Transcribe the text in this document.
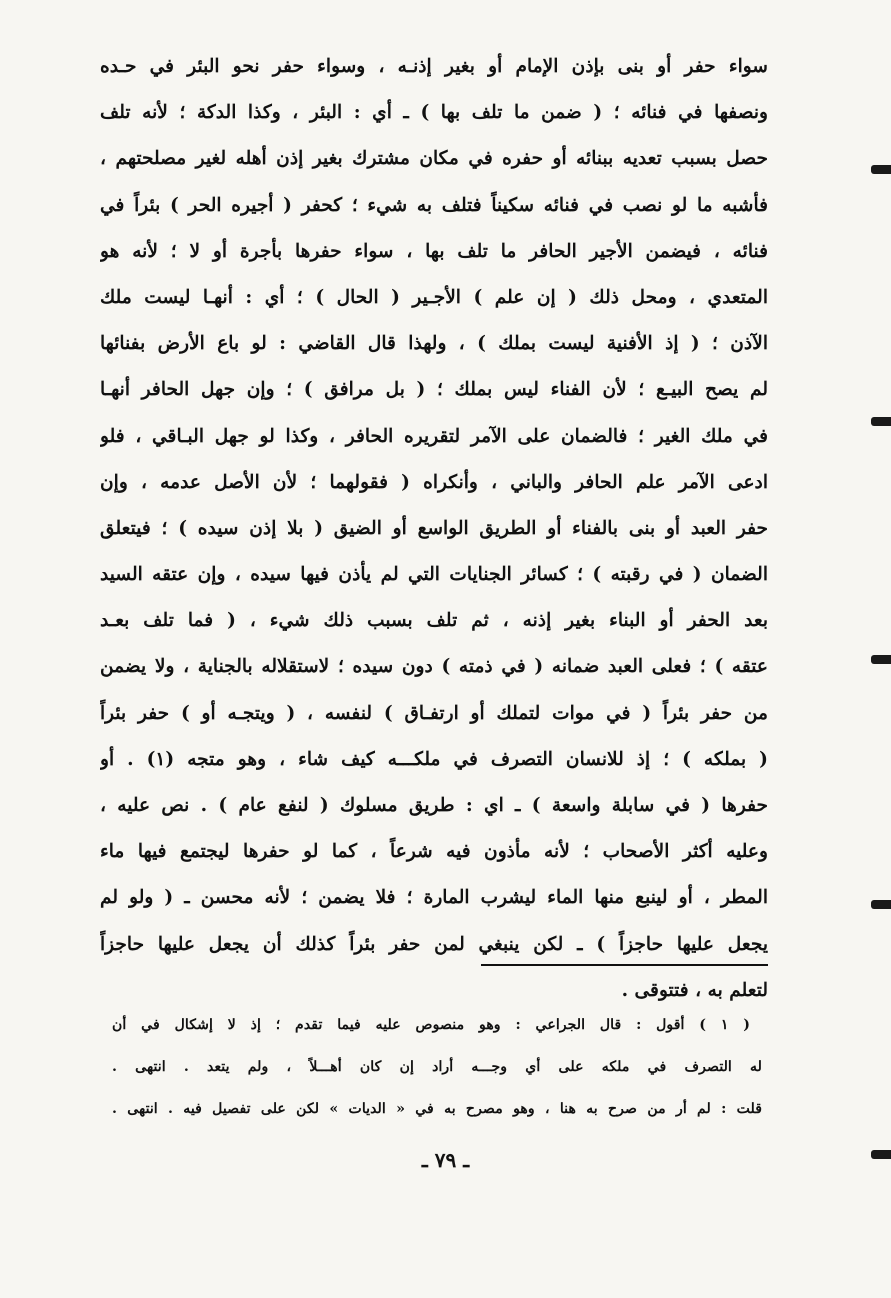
سواء حفر أو بنى بإذن الإمام أو بغير إذنـه ، وسواء حفر نحو البئر في حـده
ونصفها في فنائه ؛ ( ضمن ما تلف بها ) ـ أي : البئر ، وكذا الدكة ؛ لأنه تلف
حصل بسبب تعديه ببنائه أو حفره في مكان مشترك بغير إذن أهله لغير مصلحتهم ،
فأشبه ما لو نصب في فنائه سكيناً فتلف به شيء ؛ كحفر ( أجيره الحر ) بئراً في
فنائه ، فيضمن الأجير الحافر ما تلف بها ، سواء حفرها بأجرة أو لا ؛ لأنه هو
المتعدي ، ومحل ذلك ( إن علم ) الأجـير ( الحال ) ؛ أي : أنهـا ليست ملك
الآذن ؛ ( إذ الأفنية ليست بملك ) ، ولهذا قال القاضي : لو باع الأرض بفنائها
لم يصح البيـع ؛ لأن الفناء ليس بملك ؛ ( بل مرافق ) ؛ وإن جهل الحافر أنهـا
في ملك الغير ؛ فالضمان على الآمر لتقريره الحافر ، وكذا لو جهل البـاقي ، فلو
ادعى الآمر علم الحافر والباني ، وأنكراه ( فقولهما ؛ لأن الأصل عدمه ، وإن
حفر العبد أو بنى بالفناء أو الطريق الواسع أو الضيق ( بلا إذن سيده ) ؛ فيتعلق
الضمان ( في رقبته ) ؛ كسائر الجنايات التي لم يأذن فيها سيده ، وإن عتقه السيد
بعد الحفر أو البناء بغير إذنه ، ثم تلف بسبب ذلك شيء ، ( فما تلف بعـد
عتقه ) ؛ فعلى العبد ضمانه ( في ذمته ) دون سيده ؛ لاستقلاله بالجناية ، ولا يضمن
من حفر بئراً ( في موات لتملك أو ارتفـاق ) لنفسه ، ( ويتجـه أو ) حفر بئراً
( بملكه ) ؛ إذ للانسان التصرف في ملكـــه كيف شاء ، وهو متجه (١) . أو
حفرها ( في سابلة واسعة ) ـ اي : طريق مسلوك ( لنفع عام ) . نص عليه ،
وعليه أكثر الأصحاب ؛ لأنه مأذون فيه شرعاً ، كما لو حفرها ليجتمع فيها ماء
المطر ، أو لينبع منها الماء ليشرب المارة ؛ فلا يضمن ؛ لأنه محسن ـ ( ولو لم
يجعل عليها حاجزاً ) ـ لكن ينبغي لمن حفر بئراً كذلك أن يجعل عليها حاجزاً
لتعلم به ، فتتوقى .
( ١ ) أقول : قال الجراعي : وهو منصوص عليه فيما تقدم ؛ إذ لا إشكال في أن
له التصرف في ملكه على أي وجـــه أراد إن كان أهـــلاً ، ولم يتعد . انتهى .
قلت : لم أر من صرح به هنا ، وهو مصرح به في « الديات » لكن على تفصيل فيه . انتهى .
ـ ٧٩ ـ
